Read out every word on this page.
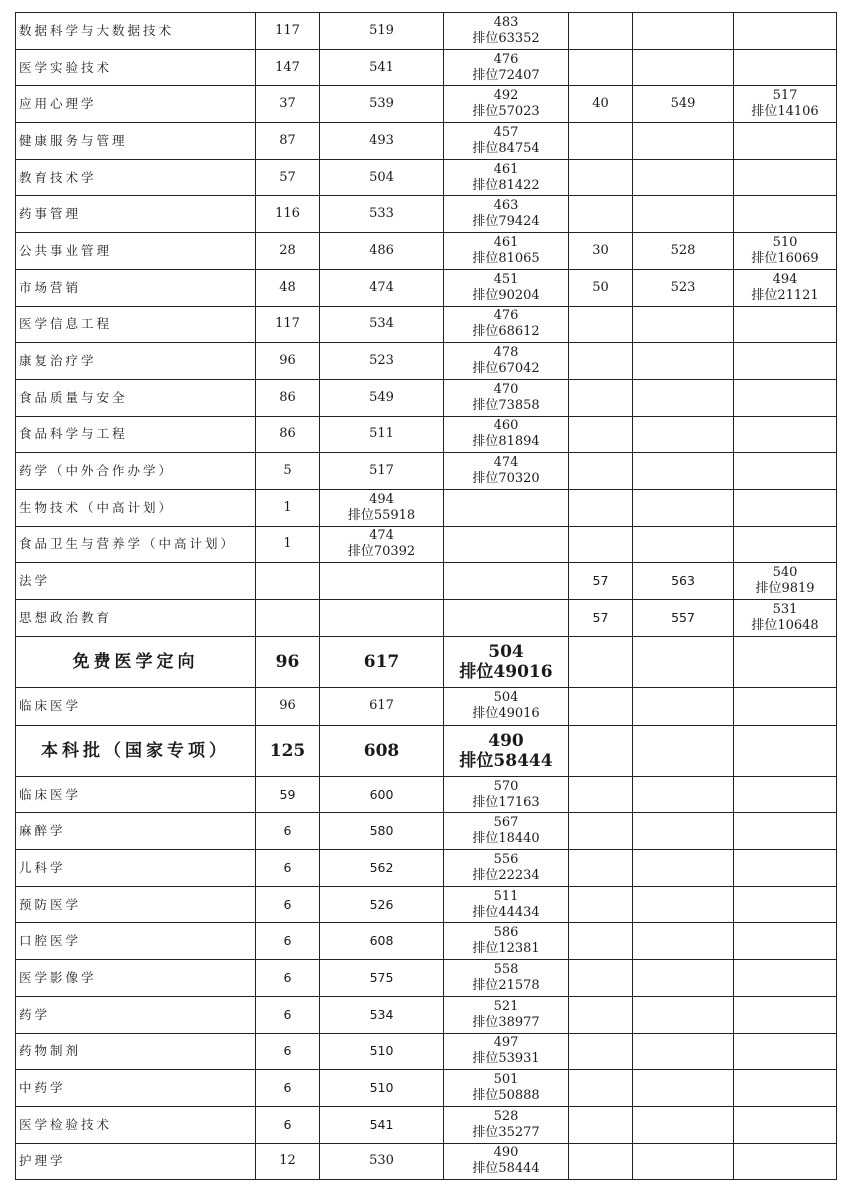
数据科学与大数据技术	117	519	483
排位63352			

医学实验技术	147	541	476
排位72407			

应用心理学	37	539	492
排位57023	40	549	517
排位14106

健康服务与管理	87	493	457
排位84754			

教育技术学	57	504	461
排位81422			

药事管理	116	533	463
排位79424			

公共事业管理	28	486	461
排位81065	30	528	510
排位16069

市场营销	48	474	451
排位90204	50	523	494
排位21121

医学信息工程	117	534	476
排位68612			

康复治疗学	96	523	478
排位67042			

食品质量与安全	86	549	470
排位73858			

食品科学与工程	86	511	460
排位81894			

药学（中外合作办学）	5	517	474
排位70320			

生物技术（中高计划）	1	494
排位55918				

食品卫生与营养学（中高计划）	1	474
排位70392				

法学				57	563	540
排位9819

思想政治教育				57	557	531
排位10648

免费医学定向	96	617	504
排位49016			

临床医学	96	617	504
排位49016			

本科批（国家专项）	125	608	490
排位58444			

临床医学	59	600	570
排位17163			

麻醉学	6	580	567
排位18440			

儿科学	6	562	556
排位22234			

预防医学	6	526	511
排位44434			

口腔医学	6	608	586
排位12381			

医学影像学	6	575	558
排位21578			

药学	6	534	521
排位38977			

药物制剂	6	510	497
排位53931			

中药学	6	510	501
排位50888			

医学检验技术	6	541	528
排位35277			

护理学	12	530	490
排位58444			
